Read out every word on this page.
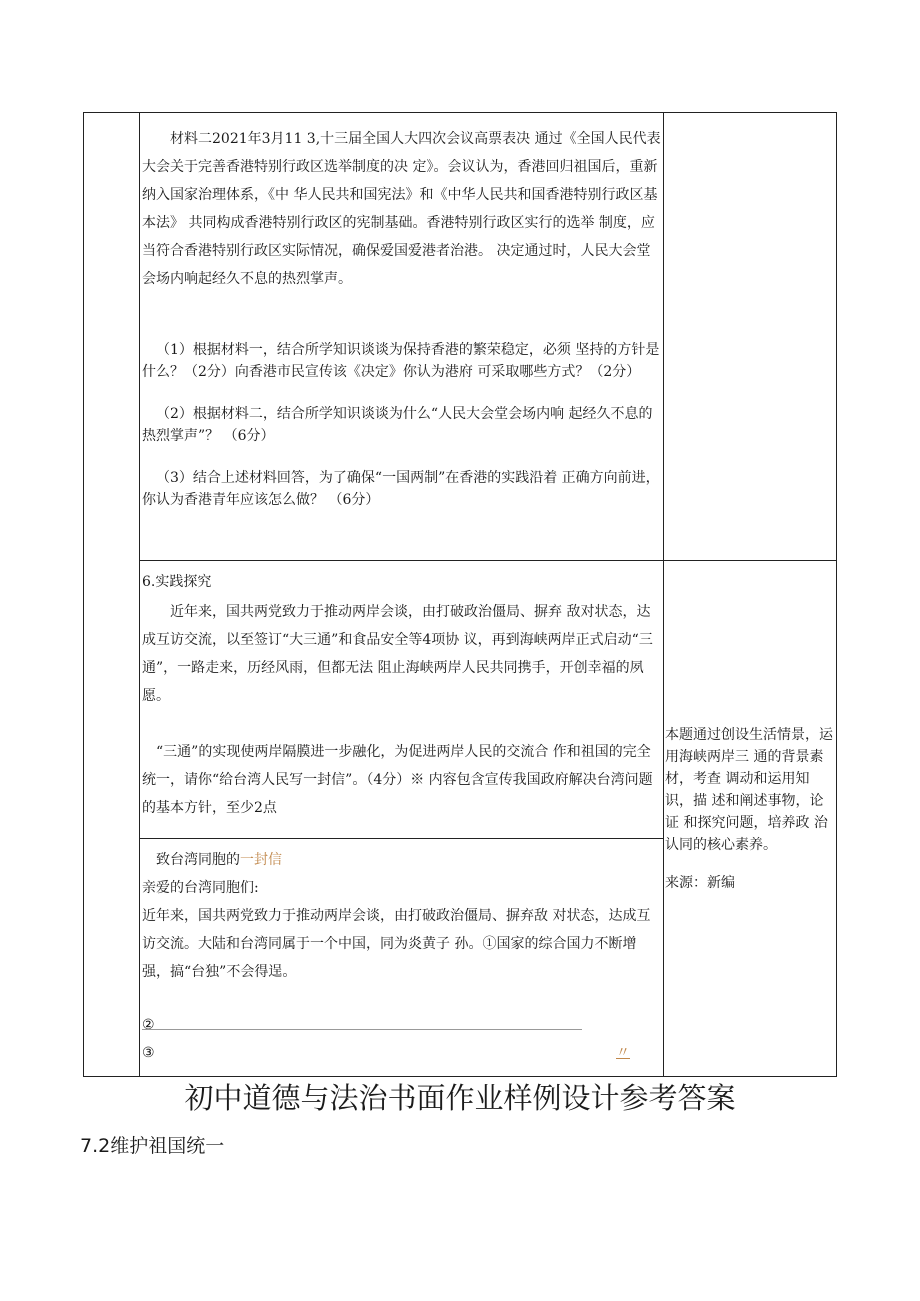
材料二2021年3月11 3,十三届全国人大四次会议高票表决 通过《全国人民代表大会关于完善香港特别行政区选举制度的决 定》。会议认为，香港回归祖国后，重新纳入国家治理体系，《中 华人民共和国宪法》和《中华人民共和国香港特别行政区基本法》 共同构成香港特别行政区的宪制基础。香港特别行政区实行的选举 制度，应当符合香港特别行政区实际情况，确保爱国爱港者治港。 决定通过时，人民大会堂会场内响起经久不息的热烈掌声。

（1）根据材料一，结合所学知识谈谈为保持香港的繁荣稳定，必须 坚持的方针是什么？（2分）向香港市民宣传该《决定》你认为港府 可采取哪些方式？（2分）

（2）根据材料二，结合所学知识谈谈为什么“人民大会堂会场内响 起经久不息的热烈掌声”？ （6分）

（3）结合上述材料回答，为了确保“一国两制”在香港的实践沿着 正确方向前进，你认为香港青年应该怎么做？ （6分）

6.实践探究

近年来，国共两党致力于推动两岸会谈，由打破政治僵局、摒弃 敌对状态，达成互访交流，以至签订“大三通”和食品安全等4项协 议，再到海峡两岸正式启动“三通”，一路走来，历经风雨，但都无法 阻止海峡两岸人民共同携手，开创幸福的夙愿。

“三通”的实现使两岸隔膜进一步融化，为促进两岸人民的交流合 作和祖国的完全统一，请你“给台湾人民写一封信”。（4分）※ 内容包含宣传我国政府解决台湾问题的基本方针，至少2点

致台湾同胞的一封信

亲爱的台湾同胞们:

近年来，国共两党致力于推动两岸会谈，由打破政治僵局、摒弃敌 对状态，达成互访交流。大陆和台湾同属于一个中国，同为炎黄子 孙。①国家的综合国力不断增强，搞“台独”不会得逞。

②
③	〃

本题通过创设生活情景，运用海峡两岸三 通的背景素材，考查 调动和运用知识，描 述和阐述事物，论证 和探究问题，培养政 治认同的核心素养。

来源：新编

初中道德与法治书面作业样例设计参考答案
7.2维护祖国统一
